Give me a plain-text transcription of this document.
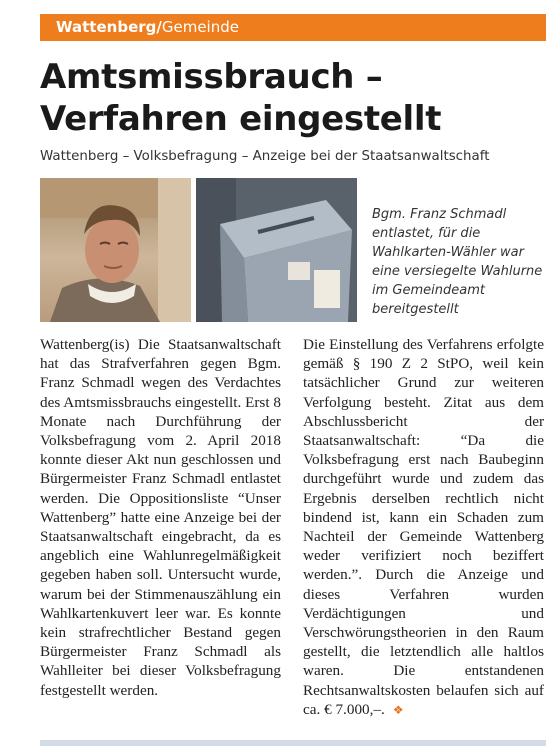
Wattenberg/Gemeinde
Amtsmissbrauch –
Verfahren eingestellt
Wattenberg – Volksbefragung – Anzeige bei der Staatsanwaltschaft
Bgm. Franz Schmadl
entlastet, für die
Wahlkarten-Wähler war
eine versiegelte Wahlurne
im Gemeindeamt
bereitgestellt
Wattenberg(is) Die Staatsanwaltschaft hat das Strafverfahren gegen Bgm. Franz Schmadl wegen des Verdachtes des Amtsmissbrauchs eingestellt. Erst 8 Monate nach Durchführung der Volksbefragung vom 2. April 2018 konnte dieser Akt nun geschlossen und Bürgermeister Franz Schmadl entlastet werden. Die Oppositionsliste “Unser Wattenberg” hatte eine Anzeige bei der Staatsanwaltschaft eingebracht, da es angeblich eine Wahlunregelmäßigkeit gegeben haben soll. Untersucht wurde, warum bei der Stimmenauszählung ein Wahlkartenkuvert leer war. Es konnte kein strafrechtlicher Bestand gegen Bürgermeister Franz Schmadl als Wahlleiter bei dieser Volksbefragung festgestellt werden.
Die Einstellung des Verfahrens erfolgte gemäß § 190 Z 2 StPO, weil kein tatsächlicher Grund zur weiteren Verfolgung besteht. Zitat aus dem Abschlussbericht der Staatsanwaltschaft: “Da die Volksbefragung erst nach Baubeginn durchgeführt wurde und zudem das Ergebnis derselben rechtlich nicht bindend ist, kann ein Schaden zum Nachteil der Gemeinde Wattenberg weder verifiziert noch beziffert werden.”. Durch die Anzeige und dieses Verfahren wurden Verdächtigungen und Verschwörungstheorien in den Raum gestellt, die letztendlich alle haltlos waren. Die entstandenen Rechtsanwaltskosten belaufen sich auf ca. € 7.000,–. ❖
